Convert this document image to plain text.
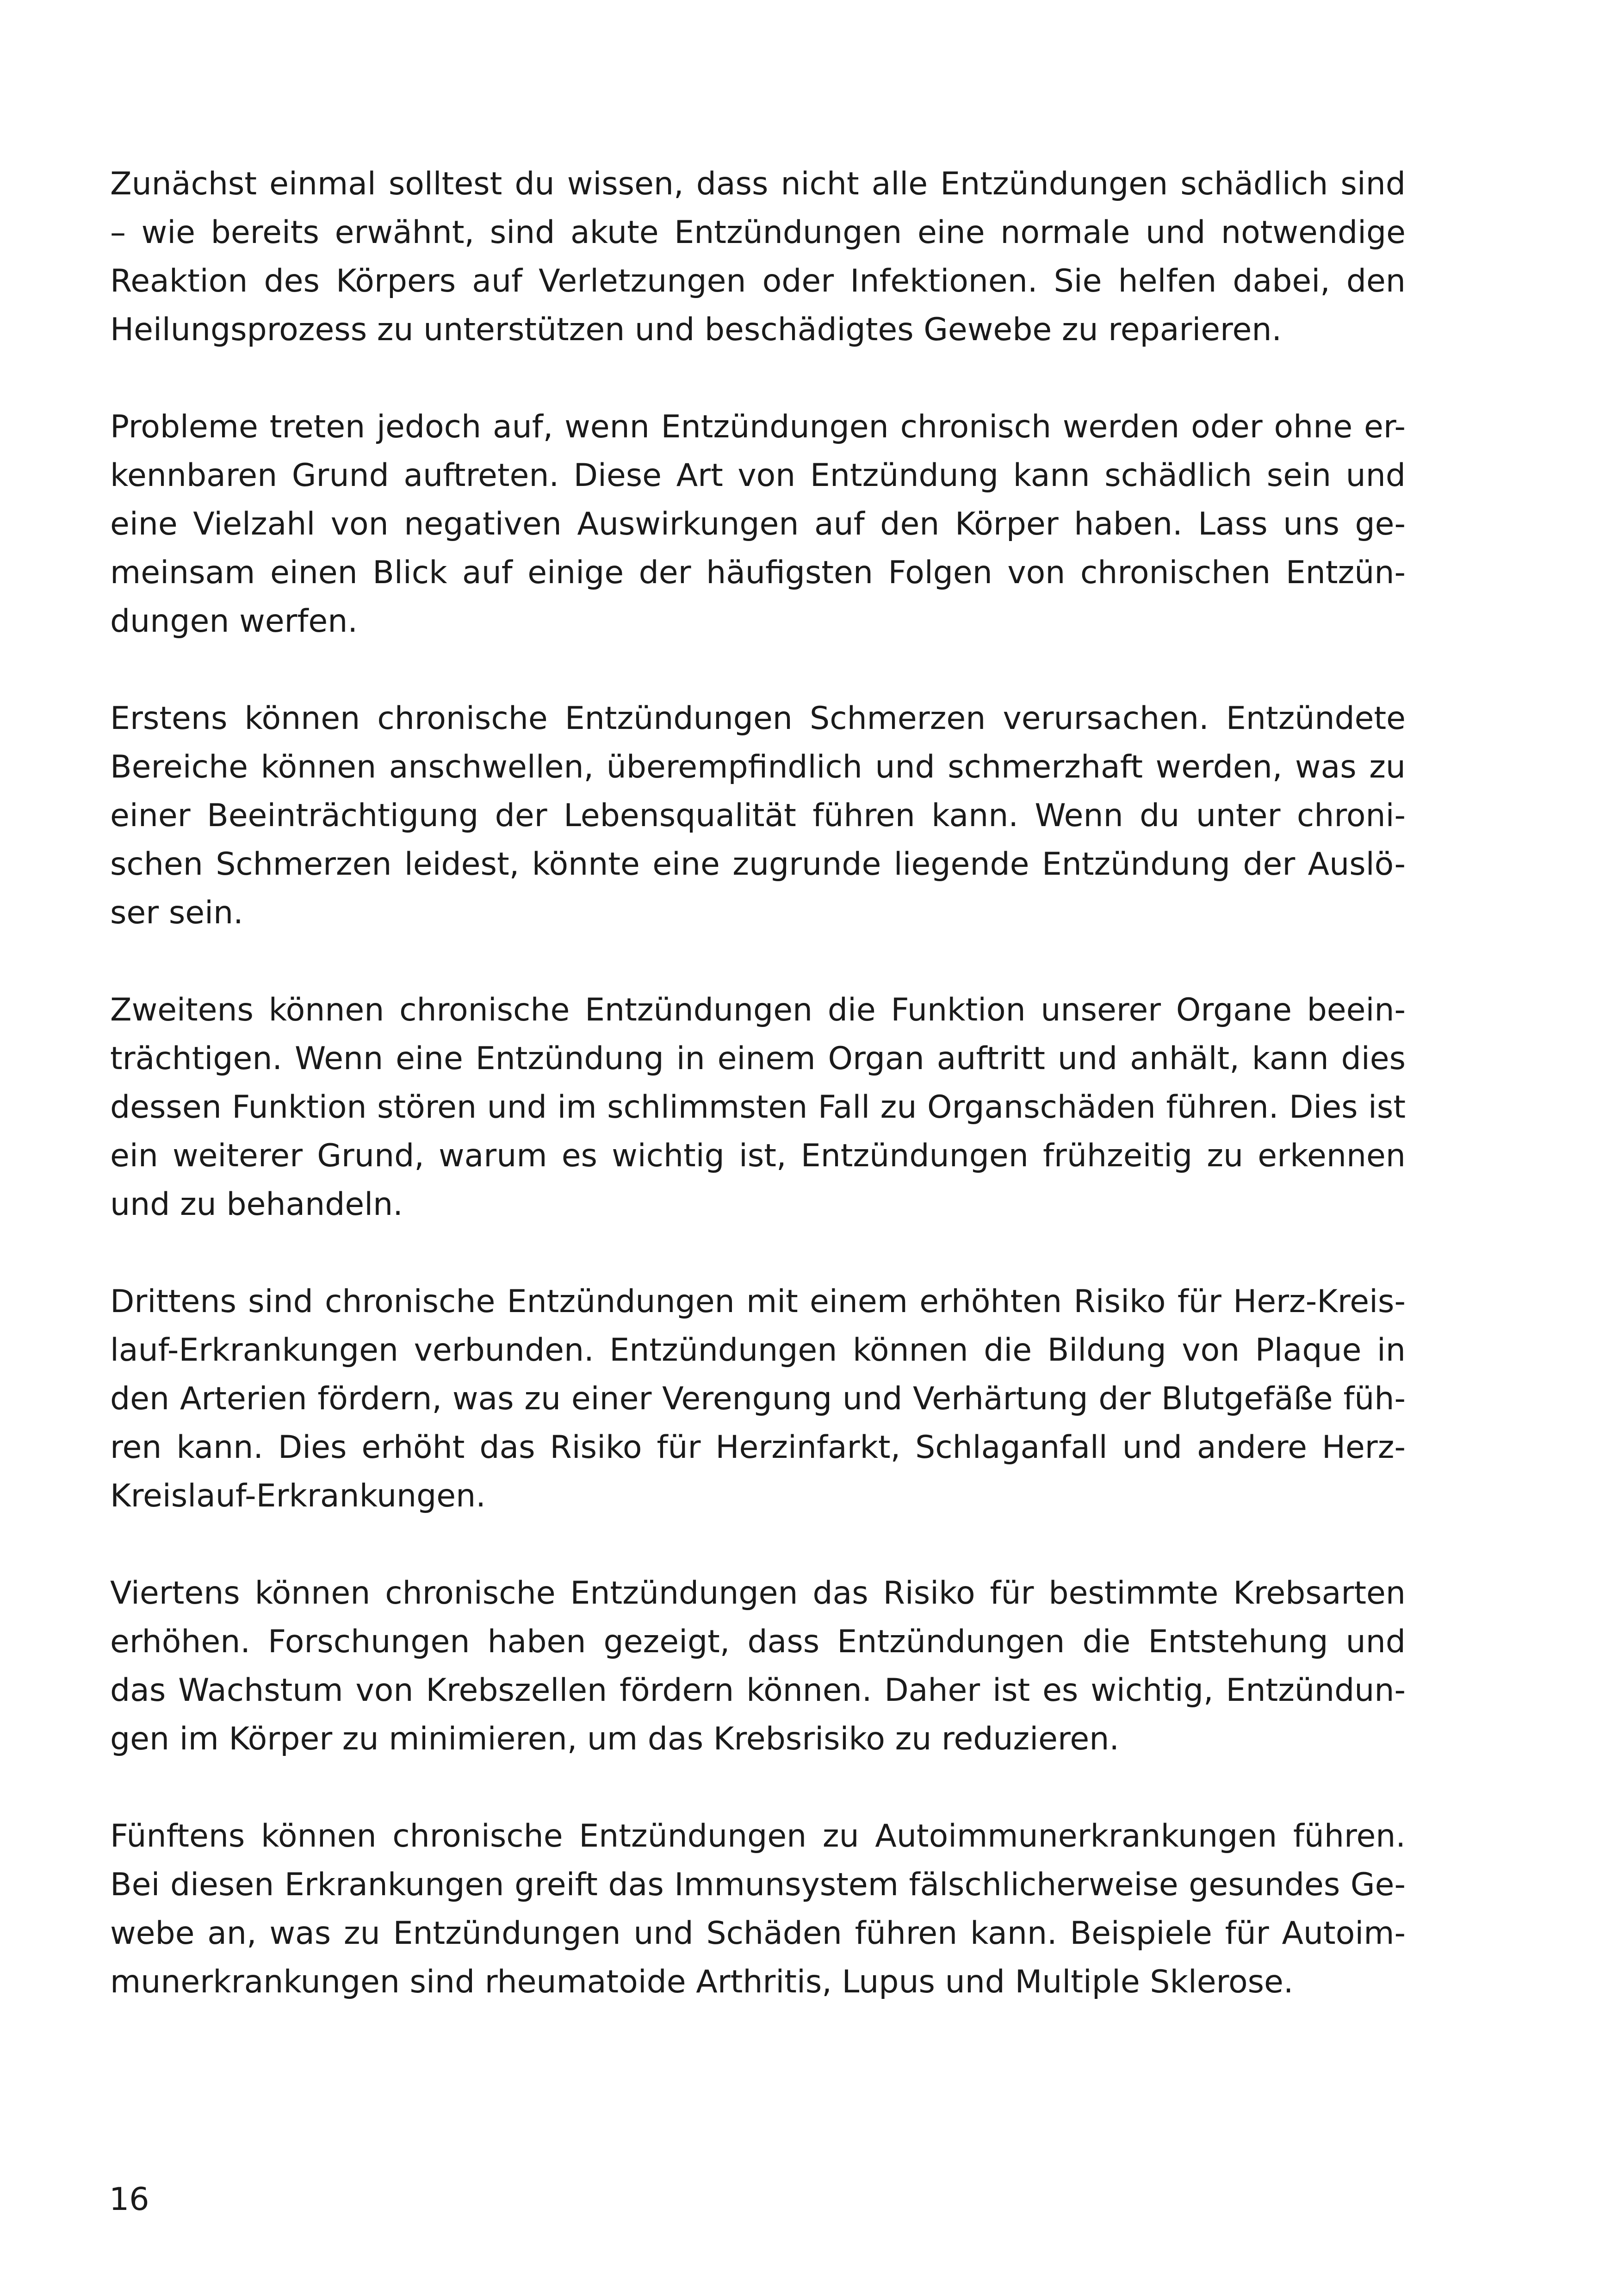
Zunächst einmal solltest du wissen, dass nicht alle Entzündungen schädlich sind
– wie bereits erwähnt, sind akute Entzündungen eine normale und notwendige
Reaktion des Körpers auf Verletzungen oder Infektionen. Sie helfen dabei, den
Heilungsprozess zu unterstützen und beschädigtes Gewebe zu reparieren.

Probleme treten jedoch auf, wenn Entzündungen chronisch werden oder ohne er-
kennbaren Grund auftreten. Diese Art von Entzündung kann schädlich sein und
eine Vielzahl von negativen Auswirkungen auf den Körper haben. Lass uns ge-
meinsam einen Blick auf einige der häufigsten Folgen von chronischen Entzün-
dungen werfen.

Erstens können chronische Entzündungen Schmerzen verursachen. Entzündete
Bereiche können anschwellen, überempfindlich und schmerzhaft werden, was zu
einer Beeinträchtigung der Lebensqualität führen kann. Wenn du unter chroni-
schen Schmerzen leidest, könnte eine zugrunde liegende Entzündung der Auslö-
ser sein.

Zweitens können chronische Entzündungen die Funktion unserer Organe beein-
trächtigen. Wenn eine Entzündung in einem Organ auftritt und anhält, kann dies
dessen Funktion stören und im schlimmsten Fall zu Organschäden führen. Dies ist
ein weiterer Grund, warum es wichtig ist, Entzündungen frühzeitig zu erkennen
und zu behandeln.

Drittens sind chronische Entzündungen mit einem erhöhten Risiko für Herz-Kreis-
lauf-Erkrankungen verbunden. Entzündungen können die Bildung von Plaque in
den Arterien fördern, was zu einer Verengung und Verhärtung der Blutgefäße füh-
ren kann. Dies erhöht das Risiko für Herzinfarkt, Schlaganfall und andere Herz-
Kreislauf-Erkrankungen.

Viertens können chronische Entzündungen das Risiko für bestimmte Krebsarten
erhöhen. Forschungen haben gezeigt, dass Entzündungen die Entstehung und
das Wachstum von Krebszellen fördern können. Daher ist es wichtig, Entzündun-
gen im Körper zu minimieren, um das Krebsrisiko zu reduzieren.

Fünftens können chronische Entzündungen zu Autoimmunerkrankungen führen.
Bei diesen Erkrankungen greift das Immunsystem fälschlicherweise gesundes Ge-
webe an, was zu Entzündungen und Schäden führen kann. Beispiele für Autoim-
munerkrankungen sind rheumatoide Arthritis, Lupus und Multiple Sklerose.

16
